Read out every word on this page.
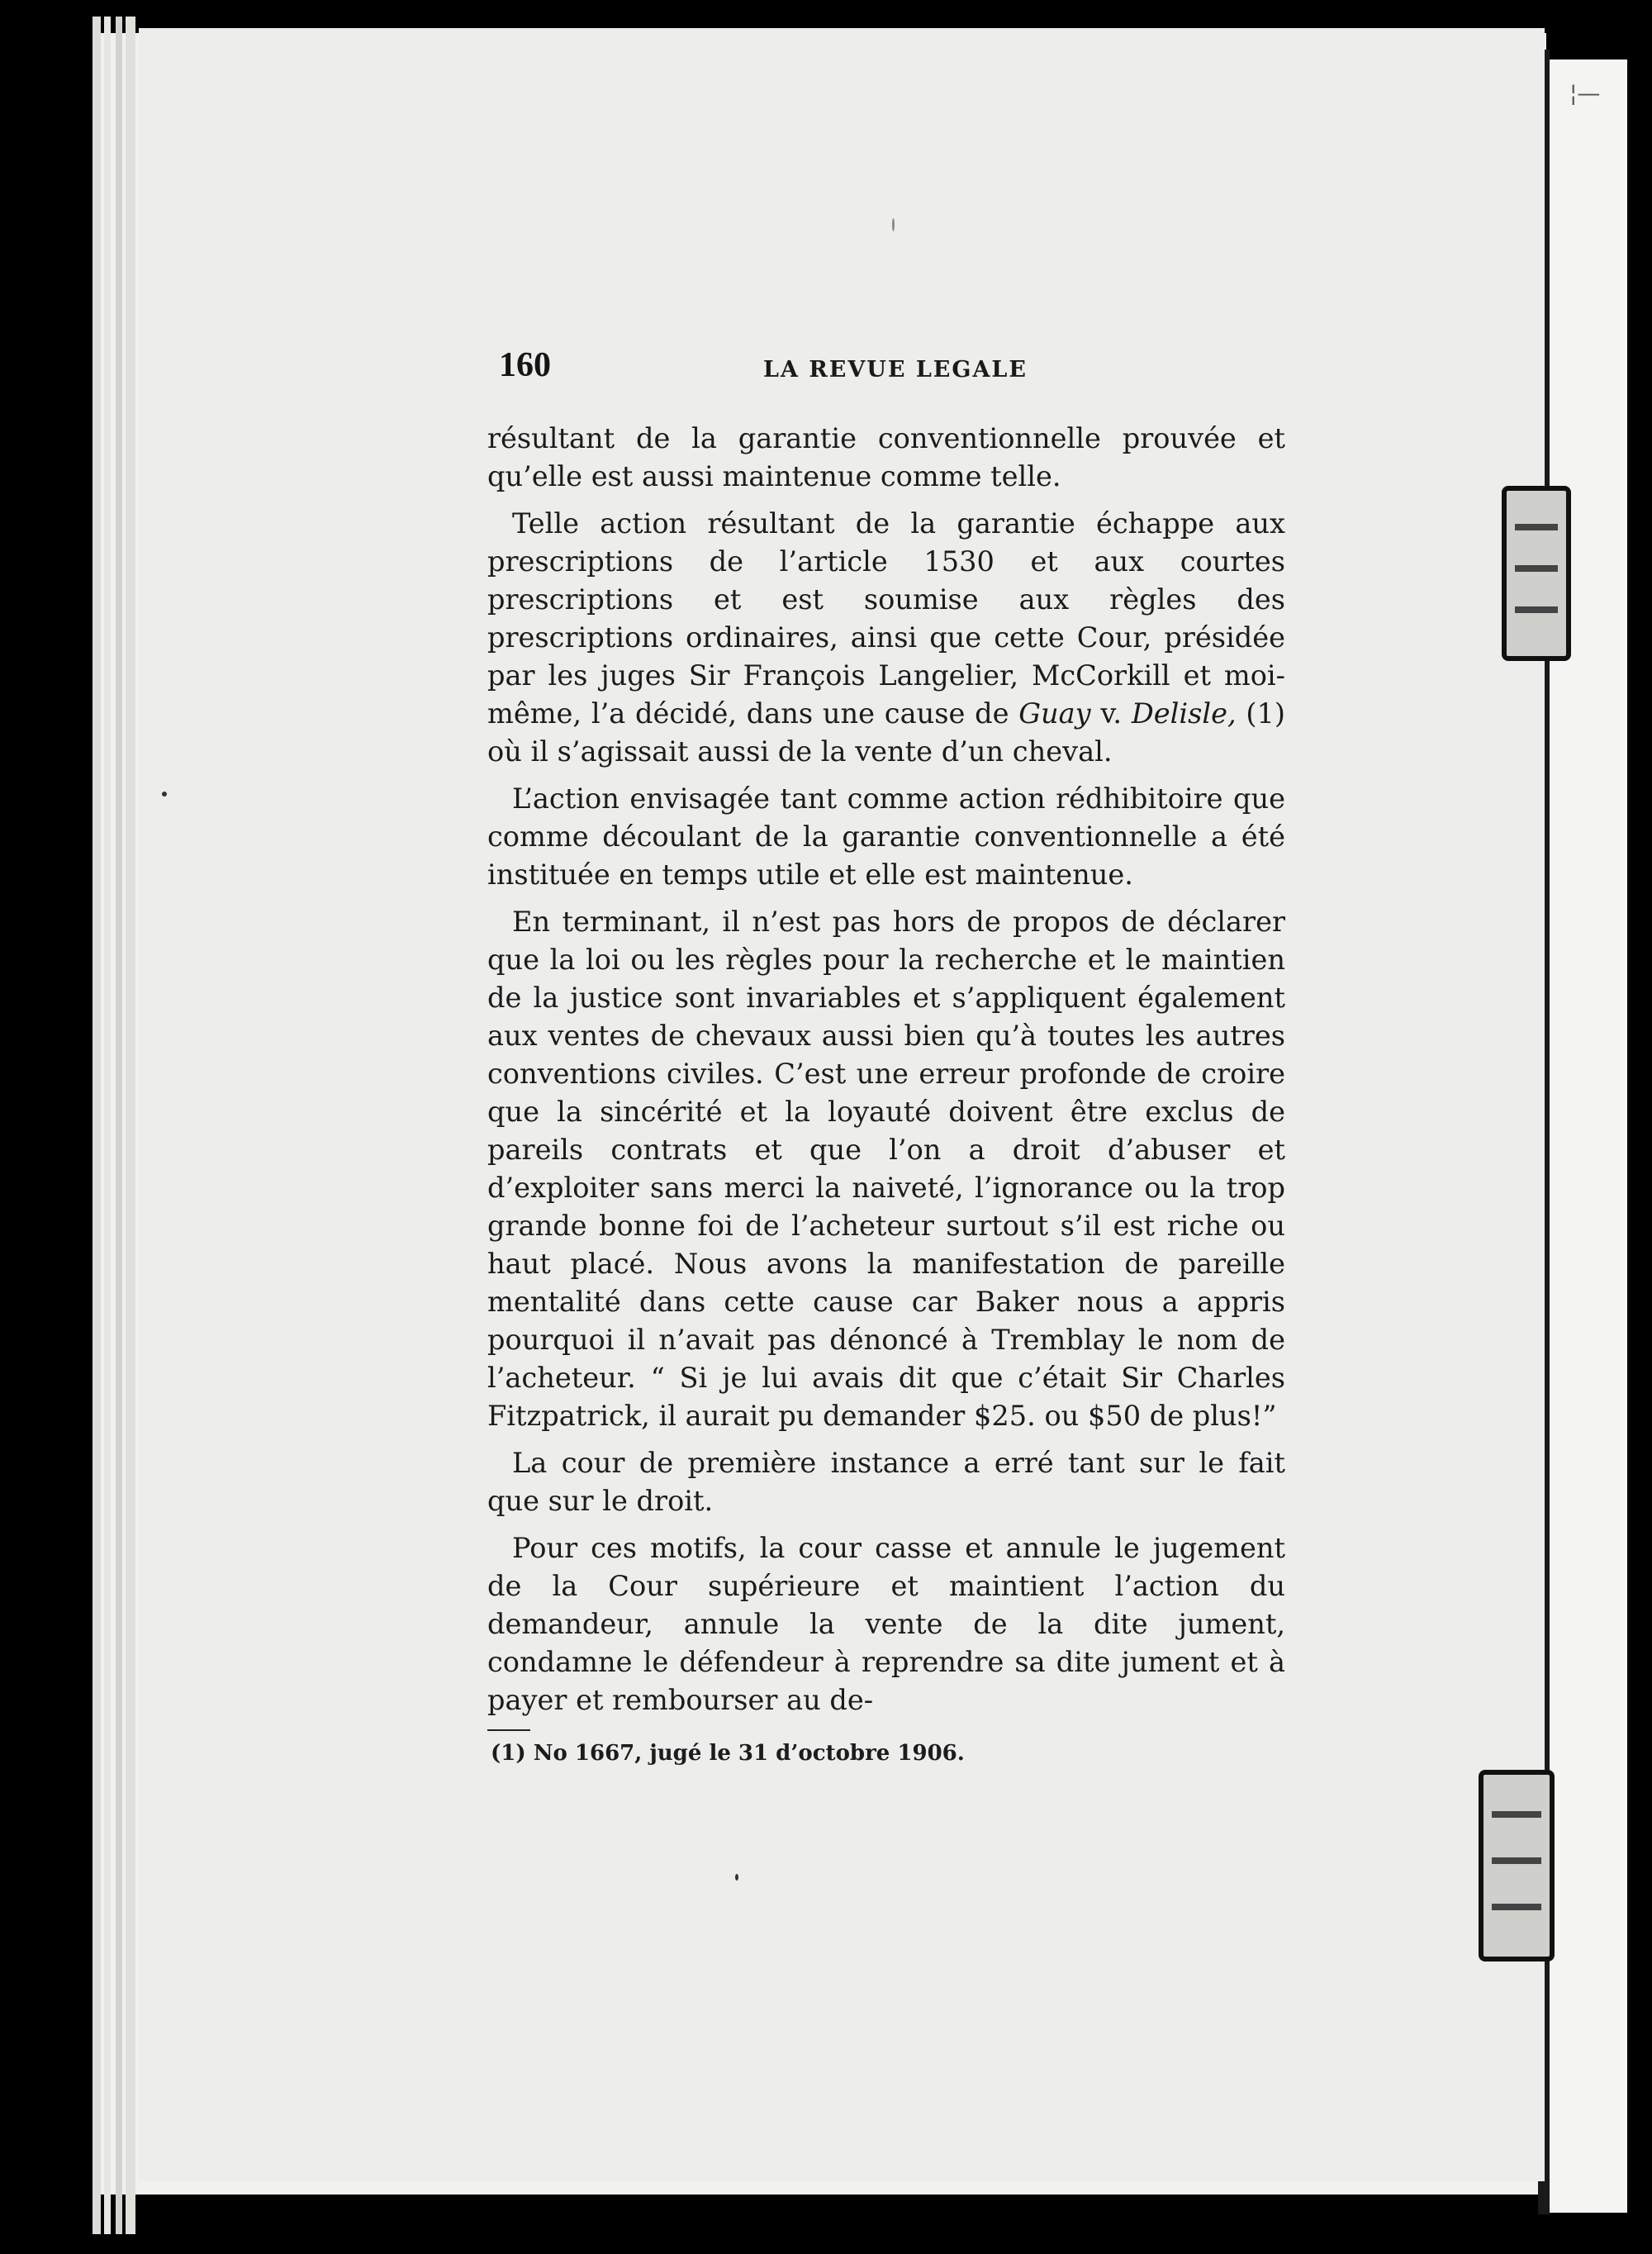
¦—
160	LA REVUE LEGALE

résultant de la garantie conventionnelle prouvée et qu’elle est aussi maintenue comme telle.

Telle action résultant de la garantie échappe aux prescriptions de l’article 1530 et aux courtes prescriptions et est soumise aux règles des prescriptions ordinaires, ainsi que cette Cour, présidée par les juges Sir François Langelier, McCorkill et moi-même, l’a décidé, dans une cause de Guay v. Delisle, (1) où il s’agissait aussi de la vente d’un cheval.

L’action envisagée tant comme action rédhibitoire que comme découlant de la garantie conventionnelle a été instituée en temps utile et elle est maintenue.

En terminant, il n’est pas hors de propos de déclarer que la loi ou les règles pour la recherche et le maintien de la justice sont invariables et s’appliquent également aux ventes de chevaux aussi bien qu’à toutes les autres conventions civiles. C’est une erreur profonde de croire que la sincérité et la loyauté doivent être exclus de pareils contrats et que l’on a droit d’abuser et d’exploiter sans merci la naiveté, l’ignorance ou la trop grande bonne foi de l’acheteur surtout s’il est riche ou haut placé. Nous avons la manifestation de pareille mentalité dans cette cause car Baker nous a appris pourquoi il n’avait pas dénoncé à Tremblay le nom de l’acheteur. “ Si je lui avais dit que c’était Sir Charles Fitzpatrick, il aurait pu demander $25. ou $50 de plus!”

La cour de première instance a erré tant sur le fait que sur le droit.

Pour ces motifs, la cour casse et annule le jugement de la Cour supérieure et maintient l’action du demandeur, annule la vente de la dite jument, condamne le défendeur à reprendre sa dite jument et à payer et rembourser au de-

(1) No 1667, jugé le 31 d’octobre 1906.
